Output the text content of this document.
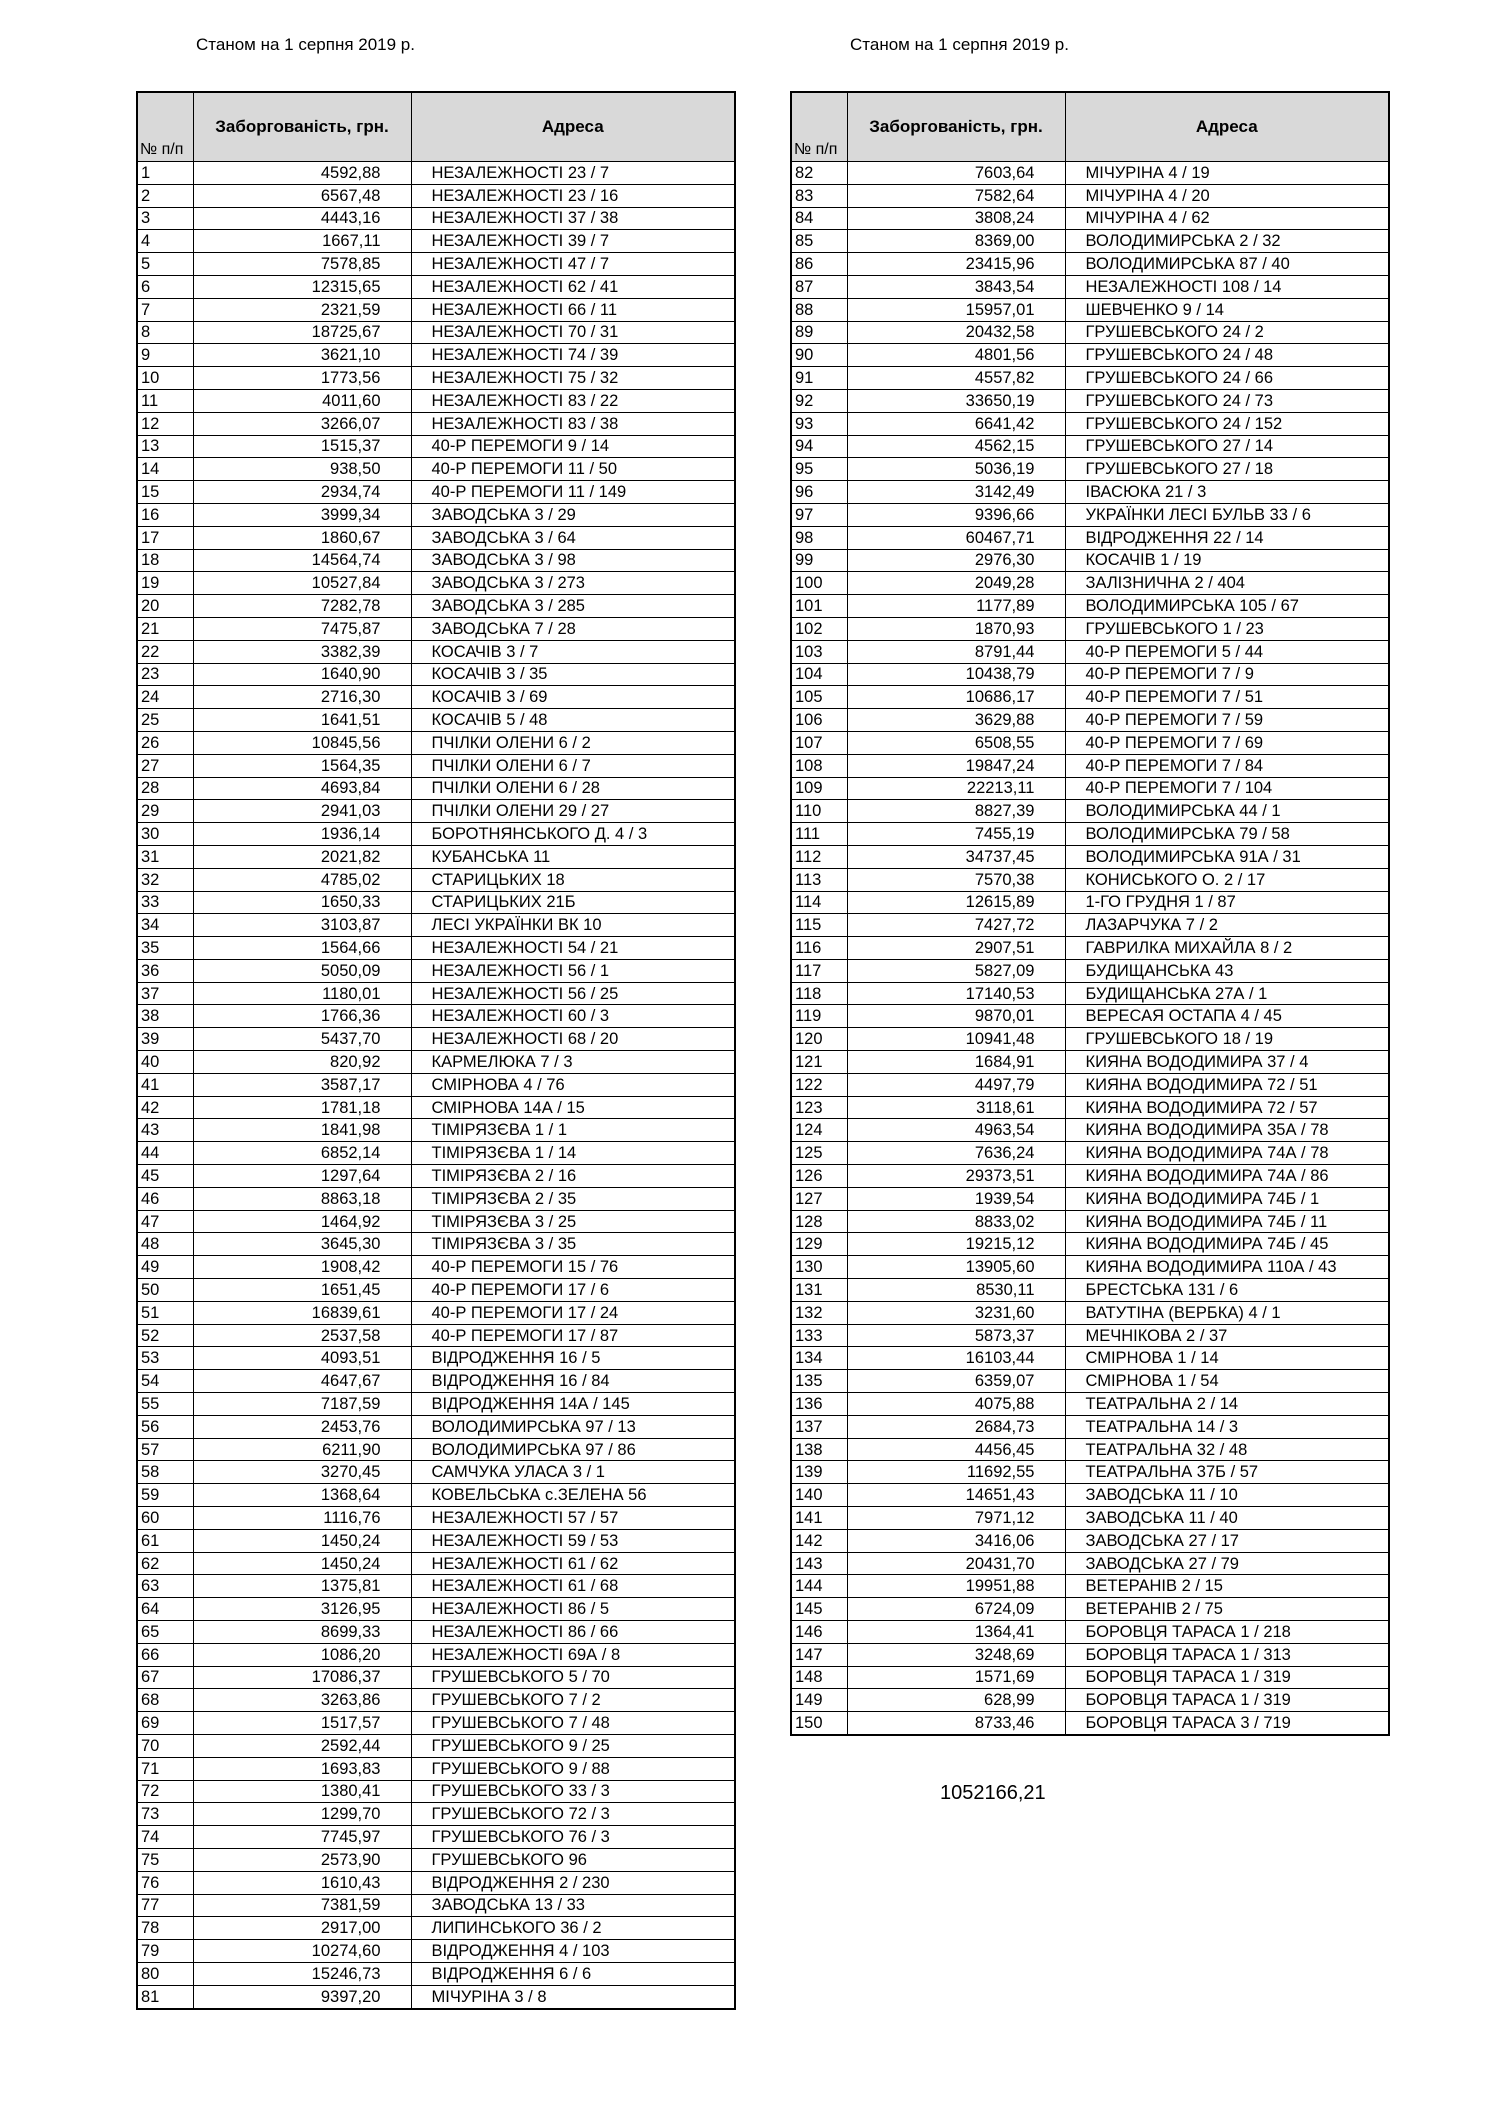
Станом на 1 серпня 2019 р.	Станом на 1 серпня 2019 р.
№ п/п	Заборгованість, грн.	Адреса
1	4592,88	НЕЗАЛЕЖНОСТІ 23 / 7
2	6567,48	НЕЗАЛЕЖНОСТІ 23 / 16
3	4443,16	НЕЗАЛЕЖНОСТІ 37 / 38
4	1667,11	НЕЗАЛЕЖНОСТІ 39 / 7
5	7578,85	НЕЗАЛЕЖНОСТІ 47 / 7
6	12315,65	НЕЗАЛЕЖНОСТІ 62 / 41
7	2321,59	НЕЗАЛЕЖНОСТІ 66 / 11
8	18725,67	НЕЗАЛЕЖНОСТІ 70 / 31
9	3621,10	НЕЗАЛЕЖНОСТІ 74 / 39
10	1773,56	НЕЗАЛЕЖНОСТІ 75 / 32
11	4011,60	НЕЗАЛЕЖНОСТІ 83 / 22
12	3266,07	НЕЗАЛЕЖНОСТІ 83 / 38
13	1515,37	40-Р ПЕРЕМОГИ 9 / 14
14	938,50	40-Р ПЕРЕМОГИ 11 / 50
15	2934,74	40-Р ПЕРЕМОГИ 11 / 149
16	3999,34	ЗАВОДСЬКА 3 / 29
17	1860,67	ЗАВОДСЬКА 3 / 64
18	14564,74	ЗАВОДСЬКА 3 / 98
19	10527,84	ЗАВОДСЬКА 3 / 273
20	7282,78	ЗАВОДСЬКА 3 / 285
21	7475,87	ЗАВОДСЬКА 7 / 28
22	3382,39	КОСАЧІВ 3 / 7
23	1640,90	КОСАЧІВ 3 / 35
24	2716,30	КОСАЧІВ 3 / 69
25	1641,51	КОСАЧІВ 5 / 48
26	10845,56	ПЧІЛКИ ОЛЕНИ 6 / 2
27	1564,35	ПЧІЛКИ ОЛЕНИ 6 / 7
28	4693,84	ПЧІЛКИ ОЛЕНИ 6 / 28
29	2941,03	ПЧІЛКИ ОЛЕНИ 29 / 27
30	1936,14	БОРОТНЯНСЬКОГО Д. 4 / 3
31	2021,82	КУБАНСЬКА 11
32	4785,02	СТАРИЦЬКИХ 18
33	1650,33	СТАРИЦЬКИХ 21Б
34	3103,87	ЛЕСІ УКРАЇНКИ ВК 10
35	1564,66	НЕЗАЛЕЖНОСТІ 54 / 21
36	5050,09	НЕЗАЛЕЖНОСТІ 56 / 1
37	1180,01	НЕЗАЛЕЖНОСТІ 56 / 25
38	1766,36	НЕЗАЛЕЖНОСТІ 60 / 3
39	5437,70	НЕЗАЛЕЖНОСТІ 68 / 20
40	820,92	КАРМЕЛЮКА 7 / 3
41	3587,17	СМІРНОВА 4 / 76
42	1781,18	СМІРНОВА 14А / 15
43	1841,98	ТІМІРЯЗЄВА 1 / 1
44	6852,14	ТІМІРЯЗЄВА 1 / 14
45	1297,64	ТІМІРЯЗЄВА 2 / 16
46	8863,18	ТІМІРЯЗЄВА 2 / 35
47	1464,92	ТІМІРЯЗЄВА 3 / 25
48	3645,30	ТІМІРЯЗЄВА 3 / 35
49	1908,42	40-Р ПЕРЕМОГИ 15 / 76
50	1651,45	40-Р ПЕРЕМОГИ 17 / 6
51	16839,61	40-Р ПЕРЕМОГИ 17 / 24
52	2537,58	40-Р ПЕРЕМОГИ 17 / 87
53	4093,51	ВІДРОДЖЕННЯ 16 / 5
54	4647,67	ВІДРОДЖЕННЯ 16 / 84
55	7187,59	ВІДРОДЖЕННЯ 14А / 145
56	2453,76	ВОЛОДИМИРСЬКА 97 / 13
57	6211,90	ВОЛОДИМИРСЬКА 97 / 86
58	3270,45	САМЧУКА УЛАСА 3 / 1
59	1368,64	КОВЕЛЬСЬКА с.ЗЕЛЕНА 56
60	1116,76	НЕЗАЛЕЖНОСТІ 57 / 57
61	1450,24	НЕЗАЛЕЖНОСТІ 59 / 53
62	1450,24	НЕЗАЛЕЖНОСТІ 61 / 62
63	1375,81	НЕЗАЛЕЖНОСТІ 61 / 68
64	3126,95	НЕЗАЛЕЖНОСТІ 86 / 5
65	8699,33	НЕЗАЛЕЖНОСТІ 86 / 66
66	1086,20	НЕЗАЛЕЖНОСТІ 69А / 8
67	17086,37	ГРУШЕВСЬКОГО 5 / 70
68	3263,86	ГРУШЕВСЬКОГО 7 / 2
69	1517,57	ГРУШЕВСЬКОГО 7 / 48
70	2592,44	ГРУШЕВСЬКОГО 9 / 25
71	1693,83	ГРУШЕВСЬКОГО 9 / 88
72	1380,41	ГРУШЕВСЬКОГО 33 / 3
73	1299,70	ГРУШЕВСЬКОГО 72 / 3
74	7745,97	ГРУШЕВСЬКОГО 76 / 3
75	2573,90	ГРУШЕВСЬКОГО 96
76	1610,43	ВІДРОДЖЕННЯ 2 / 230
77	7381,59	ЗАВОДСЬКА 13 / 33
78	2917,00	ЛИПИНСЬКОГО 36 / 2
79	10274,60	ВІДРОДЖЕННЯ 4 / 103
80	15246,73	ВІДРОДЖЕННЯ 6 / 6
81	9397,20	МІЧУРІНА 3 / 8
№ п/п	Заборгованість, грн.	Адреса
82	7603,64	МІЧУРІНА 4 / 19
83	7582,64	МІЧУРІНА 4 / 20
84	3808,24	МІЧУРІНА 4 / 62
85	8369,00	ВОЛОДИМИРСЬКА 2 / 32
86	23415,96	ВОЛОДИМИРСЬКА 87 / 40
87	3843,54	НЕЗАЛЕЖНОСТІ 108 / 14
88	15957,01	ШЕВЧЕНКО 9 / 14
89	20432,58	ГРУШЕВСЬКОГО 24 / 2
90	4801,56	ГРУШЕВСЬКОГО 24 / 48
91	4557,82	ГРУШЕВСЬКОГО 24 / 66
92	33650,19	ГРУШЕВСЬКОГО 24 / 73
93	6641,42	ГРУШЕВСЬКОГО 24 / 152
94	4562,15	ГРУШЕВСЬКОГО 27 / 14
95	5036,19	ГРУШЕВСЬКОГО 27 / 18
96	3142,49	ІВАСЮКА 21 / 3
97	9396,66	УКРАЇНКИ ЛЕСІ БУЛЬВ 33 / 6
98	60467,71	ВІДРОДЖЕННЯ 22 / 14
99	2976,30	КОСАЧІВ 1 / 19
100	2049,28	ЗАЛІЗНИЧНА 2 / 404
101	1177,89	ВОЛОДИМИРСЬКА 105 / 67
102	1870,93	ГРУШЕВСЬКОГО 1 / 23
103	8791,44	40-Р ПЕРЕМОГИ 5 / 44
104	10438,79	40-Р ПЕРЕМОГИ 7 / 9
105	10686,17	40-Р ПЕРЕМОГИ 7 / 51
106	3629,88	40-Р ПЕРЕМОГИ 7 / 59
107	6508,55	40-Р ПЕРЕМОГИ 7 / 69
108	19847,24	40-Р ПЕРЕМОГИ 7 / 84
109	22213,11	40-Р ПЕРЕМОГИ 7 / 104
110	8827,39	ВОЛОДИМИРСЬКА 44 / 1
111	7455,19	ВОЛОДИМИРСЬКА 79 / 58
112	34737,45	ВОЛОДИМИРСЬКА 91А / 31
113	7570,38	КОНИСЬКОГО О. 2 / 17
114	12615,89	1-ГО ГРУДНЯ 1 / 87
115	7427,72	ЛАЗАРЧУКА 7 / 2
116	2907,51	ГАВРИЛКА МИХАЙЛА 8 / 2
117	5827,09	БУДИЩАНСЬКА 43
118	17140,53	БУДИЩАНСЬКА 27А / 1
119	9870,01	ВЕРЕСАЯ ОСТАПА 4 / 45
120	10941,48	ГРУШЕВСЬКОГО 18 / 19
121	1684,91	КИЯНА ВОДОДИМИРА 37 / 4
122	4497,79	КИЯНА ВОДОДИМИРА 72 / 51
123	3118,61	КИЯНА ВОДОДИМИРА 72 / 57
124	4963,54	КИЯНА ВОДОДИМИРА 35А / 78
125	7636,24	КИЯНА ВОДОДИМИРА 74А / 78
126	29373,51	КИЯНА ВОДОДИМИРА 74А / 86
127	1939,54	КИЯНА ВОДОДИМИРА 74Б / 1
128	8833,02	КИЯНА ВОДОДИМИРА 74Б / 11
129	19215,12	КИЯНА ВОДОДИМИРА 74Б / 45
130	13905,60	КИЯНА ВОДОДИМИРА 110А / 43
131	8530,11	БРЕСТСЬКА 131 / 6
132	3231,60	ВАТУТІНА (ВЕРБКА) 4 / 1
133	5873,37	МЕЧНІКОВА 2 / 37
134	16103,44	СМІРНОВА 1 / 14
135	6359,07	СМІРНОВА 1 / 54
136	4075,88	ТЕАТРАЛЬНА 2 / 14
137	2684,73	ТЕАТРАЛЬНА 14 / 3
138	4456,45	ТЕАТРАЛЬНА 32 / 48
139	11692,55	ТЕАТРАЛЬНА 37Б / 57
140	14651,43	ЗАВОДСЬКА 11 / 10
141	7971,12	ЗАВОДСЬКА 11 / 40
142	3416,06	ЗАВОДСЬКА 27 / 17
143	20431,70	ЗАВОДСЬКА 27 / 79
144	19951,88	ВЕТЕРАНІВ 2 / 15
145	6724,09	ВЕТЕРАНІВ 2 / 75
146	1364,41	БОРОВЦЯ ТАРАСА 1 / 218
147	3248,69	БОРОВЦЯ ТАРАСА 1 / 313
148	1571,69	БОРОВЦЯ ТАРАСА 1 / 319
149	628,99	БОРОВЦЯ ТАРАСА 1 / 319
150	8733,46	БОРОВЦЯ ТАРАСА 3 / 719
1052166,21
